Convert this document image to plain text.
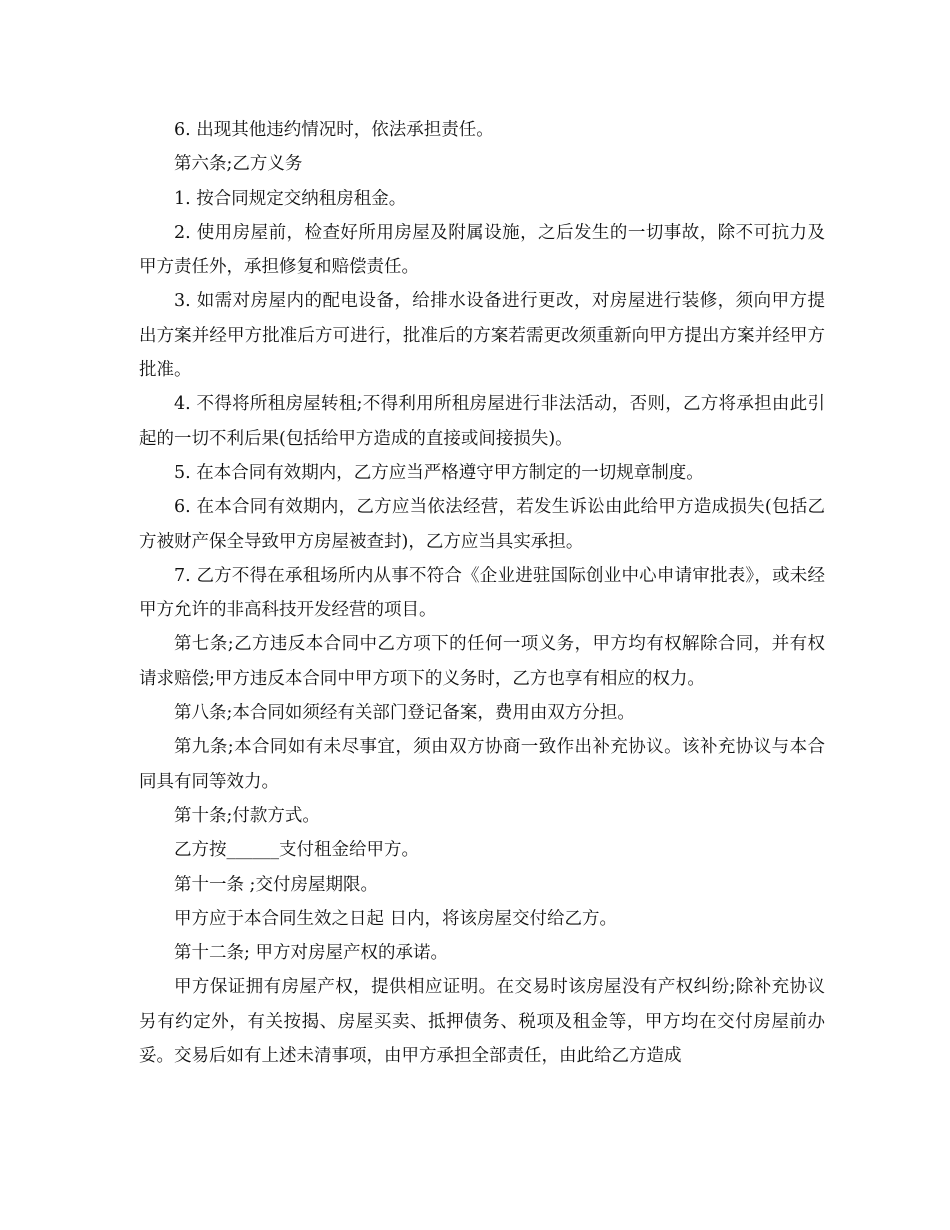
6. 出现其他违约情况时，依法承担责任。

第六条;乙方义务

1. 按合同规定交纳租房租金。

2. 使用房屋前，检查好所用房屋及附属设施，之后发生的一切事故，除不可抗力及甲方责任外，承担修复和赔偿责任。

3. 如需对房屋内的配电设备，给排水设备进行更改，对房屋进行装修，须向甲方提出方案并经甲方批准后方可进行，批准后的方案若需更改须重新向甲方提出方案并经甲方批准。

4. 不得将所租房屋转租;不得利用所租房屋进行非法活动，否则，乙方将承担由此引起的一切不利后果(包括给甲方造成的直接或间接损失)。

5. 在本合同有效期内，乙方应当严格遵守甲方制定的一切规章制度。

6. 在本合同有效期内，乙方应当依法经营，若发生诉讼由此给甲方造成损失(包括乙方被财产保全导致甲方房屋被查封)，乙方应当具实承担。

7. 乙方不得在承租场所内从事不符合《企业进驻国际创业中心申请审批表》，或未经甲方允许的非高科技开发经营的项目。

第七条;乙方违反本合同中乙方项下的任何一项义务，甲方均有权解除合同，并有权请求赔偿;甲方违反本合同中甲方项下的义务时，乙方也享有相应的权力。

第八条;本合同如须经有关部门登记备案，费用由双方分担。

第九条;本合同如有未尽事宜，须由双方协商一致作出补充协议。该补充协议与本合同具有同等效力。

第十条;付款方式。

乙方按______支付租金给甲方。

第十一条 ;交付房屋期限。

甲方应于本合同生效之日起 日内，将该房屋交付给乙方。

第十二条; 甲方对房屋产权的承诺。

甲方保证拥有房屋产权，提供相应证明。在交易时该房屋没有产权纠纷;除补充协议另有约定外，有关按揭、房屋买卖、抵押债务、税项及租金等，甲方均在交付房屋前办妥。交易后如有上述未清事项，由甲方承担全部责任，由此给乙方造成
